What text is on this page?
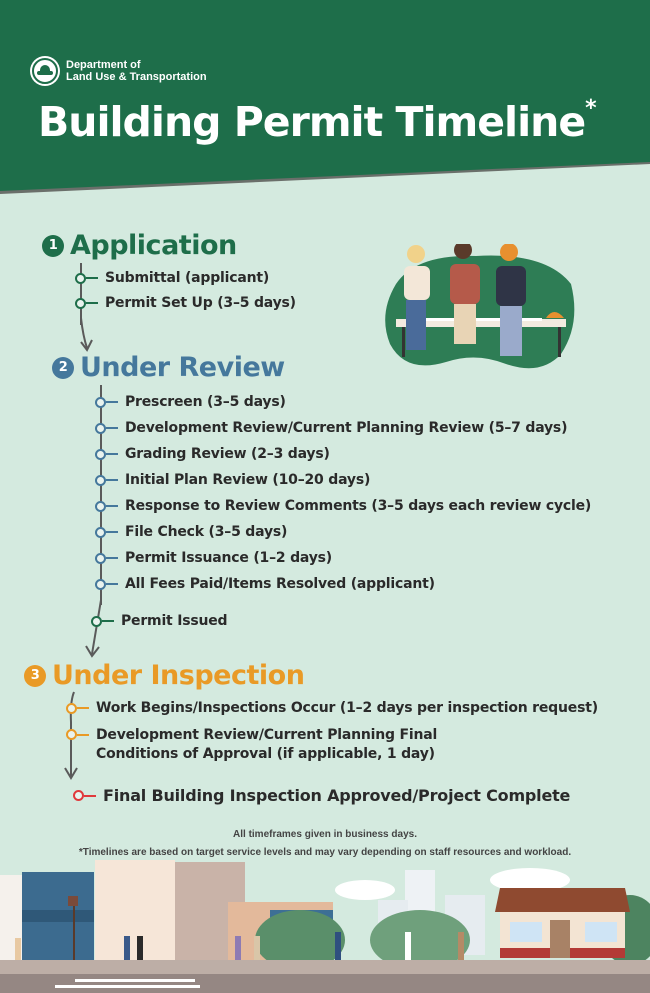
Department of
Land Use & Transportation
Building Permit Timeline*
1 Application
Submittal (applicant)
Permit Set Up (3–5 days)
2 Under Review
Prescreen (3–5 days)
Development Review/Current Planning Review (5–7 days)
Grading Review (2–3 days)
Initial Plan Review (10–20 days)
Response to Review Comments (3–5 days each review cycle)
File Check (3–5 days)
Permit Issuance (1–2 days)
All Fees Paid/Items Resolved (applicant)
Permit Issued
3 Under Inspection
Work Begins/Inspections Occur (1–2 days per inspection request)
Development Review/Current Planning Final
Conditions of Approval (if applicable, 1 day)
Final Building Inspection Approved/Project Complete
All timeframes given in business days.
*Timelines are based on target service levels and may vary depending on staff resources and workload.
